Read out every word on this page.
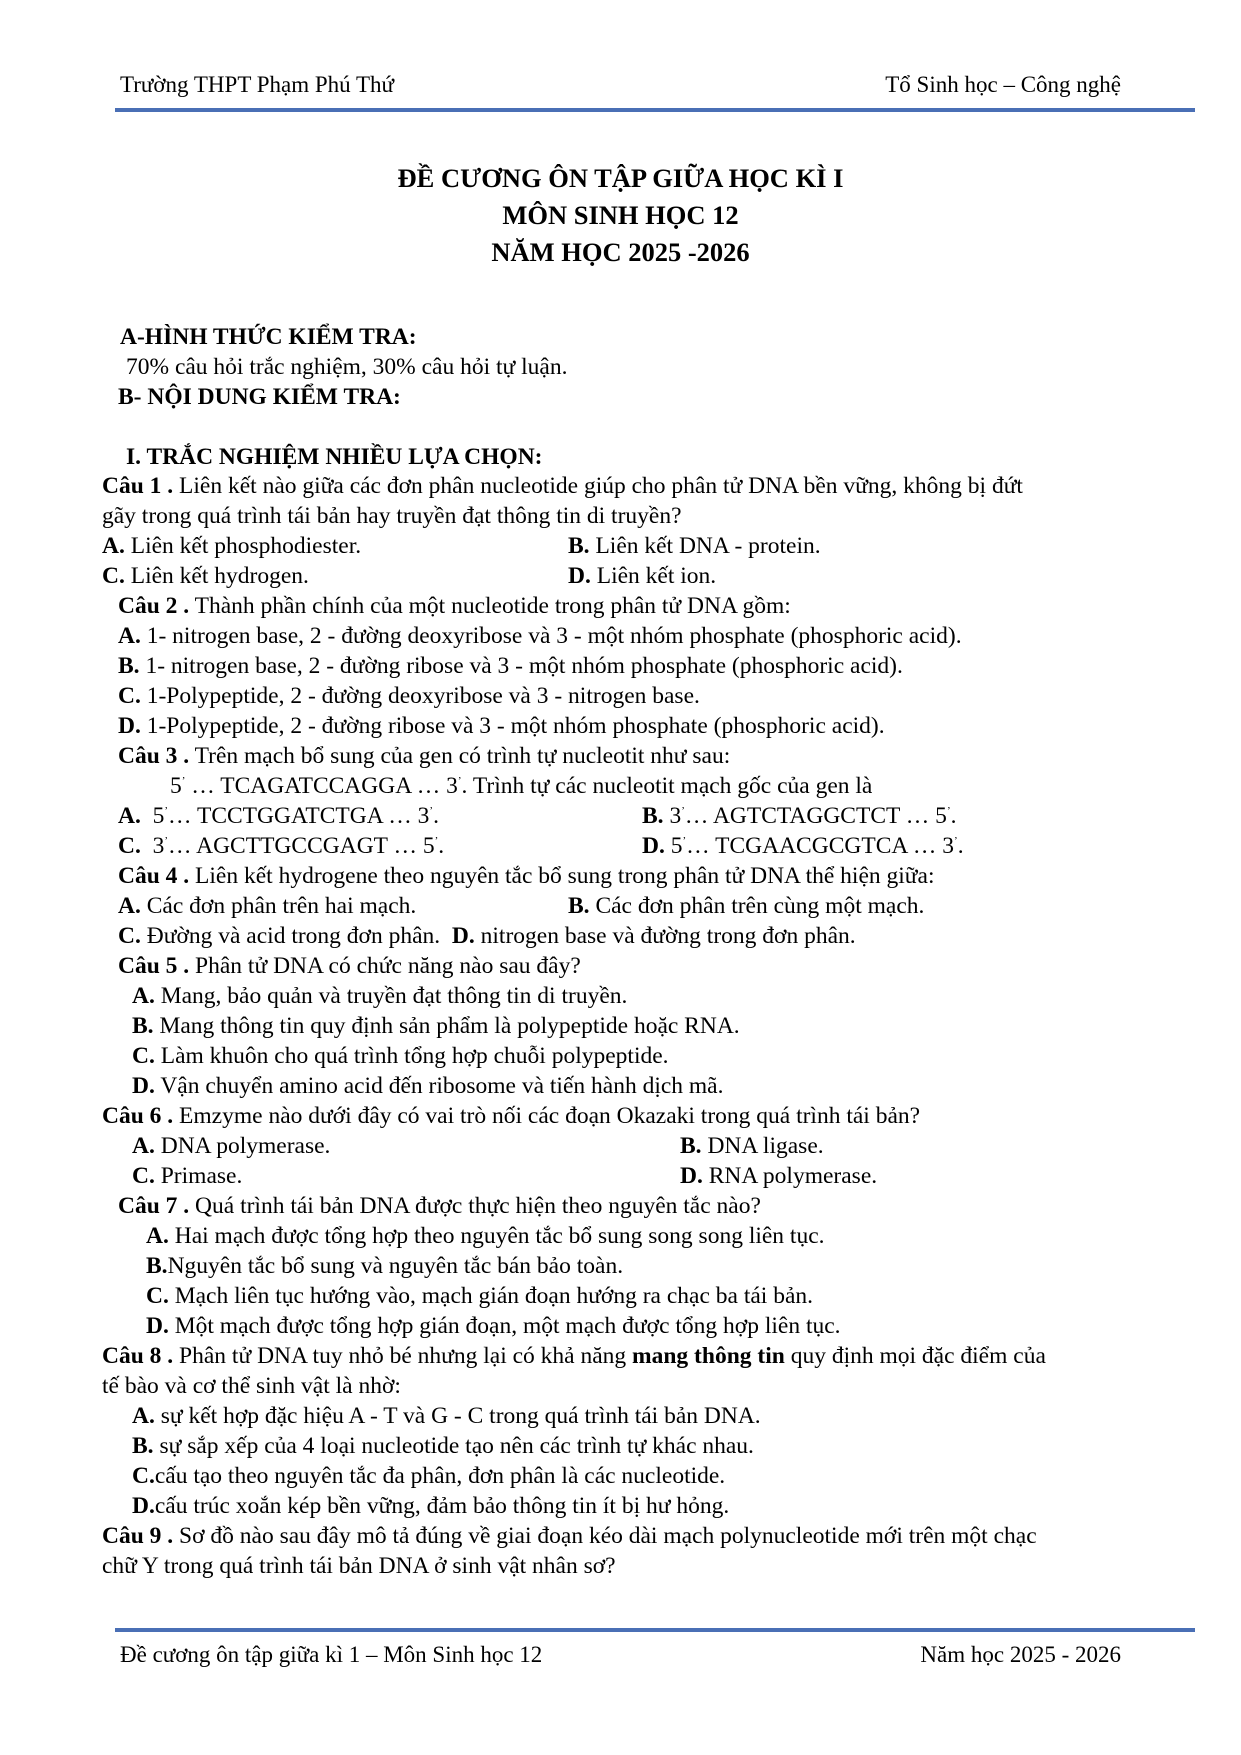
Trường THPT Phạm Phú Thứ	Tổ Sinh học – Công nghệ
ĐỀ CƯƠNG ÔN TẬP GIỮA HỌC KÌ I
MÔN SINH HỌC 12
NĂM HỌC 2025 -2026
A-HÌNH THỨC KIỂM TRA:
70% câu hỏi trắc nghiệm, 30% câu hỏi tự luận.
B- NỘI DUNG KIỂM TRA:
I. TRẮC NGHIỆM NHIỀU LỰA CHỌN:
Câu 1 . Liên kết nào giữa các đơn phân nucleotide giúp cho phân tử DNA bền vững, không bị đứt
gãy trong quá trình tái bản hay truyền đạt thông tin di truyền?
A. Liên kết phosphodiester.	B. Liên kết DNA - protein.
C. Liên kết hydrogen.	D. Liên kết ion.
Câu 2 . Thành phần chính của một nucleotide trong phân tử DNA gồm:
A. 1- nitrogen base, 2 - đường deoxyribose và 3 - một nhóm phosphate (phosphoric acid).
B. 1- nitrogen base, 2 - đường ribose và 3 - một nhóm phosphate (phosphoric acid).
C. 1-Polypeptide, 2 - đường deoxyribose và 3 - nitrogen base.
D. 1-Polypeptide, 2 - đường ribose và 3 - một nhóm phosphate (phosphoric acid).
Câu 3 . Trên mạch bổ sung của gen có trình tự nucleotit như sau:
5’ … TCAGATCCAGGA … 3’. Trình tự các nucleotit mạch gốc của gen là
A. 5’… TCCTGGATCTGA … 3’.	B. 3’… AGTCTAGGCTCT … 5’.
C. 3’… AGCTTGCCGAGT … 5’.	D. 5’… TCGAACGCGTCA … 3’.
Câu 4 . Liên kết hydrogene theo nguyên tắc bổ sung trong phân tử DNA thể hiện giữa:
A. Các đơn phân trên hai mạch.	B. Các đơn phân trên cùng một mạch.
C. Đường và acid trong đơn phân. D. nitrogen base và đường trong đơn phân.
Câu 5 . Phân tử DNA có chức năng nào sau đây?
A. Mang, bảo quản và truyền đạt thông tin di truyền.
B. Mang thông tin quy định sản phẩm là polypeptide hoặc RNA.
C. Làm khuôn cho quá trình tổng hợp chuỗi polypeptide.
D. Vận chuyển amino acid đến ribosome và tiến hành dịch mã.
Câu 6 . Emzyme nào dưới đây có vai trò nối các đoạn Okazaki trong quá trình tái bản?
A. DNA polymerase.	B. DNA ligase.
C. Primase.	D. RNA polymerase.
Câu 7 . Quá trình tái bản DNA được thực hiện theo nguyên tắc nào?
A. Hai mạch được tổng hợp theo nguyên tắc bổ sung song song liên tục.
B.Nguyên tắc bổ sung và nguyên tắc bán bảo toàn.
C. Mạch liên tục hướng vào, mạch gián đoạn hướng ra chạc ba tái bản.
D. Một mạch được tổng hợp gián đoạn, một mạch được tổng hợp liên tục.
Câu 8 . Phân tử DNA tuy nhỏ bé nhưng lại có khả năng mang thông tin quy định mọi đặc điểm của
tế bào và cơ thể sinh vật là nhờ:
A. sự kết hợp đặc hiệu A - T và G - C trong quá trình tái bản DNA.
B. sự sắp xếp của 4 loại nucleotide tạo nên các trình tự khác nhau.
C.cấu tạo theo nguyên tắc đa phân, đơn phân là các nucleotide.
D.cấu trúc xoắn kép bền vững, đảm bảo thông tin ít bị hư hỏng.
Câu 9 . Sơ đồ nào sau đây mô tả đúng về giai đoạn kéo dài mạch polynucleotide mới trên một chạc
chữ Y trong quá trình tái bản DNA ở sinh vật nhân sơ?
Đề cương ôn tập giữa kì 1 – Môn Sinh học 12	Năm học 2025 - 2026
